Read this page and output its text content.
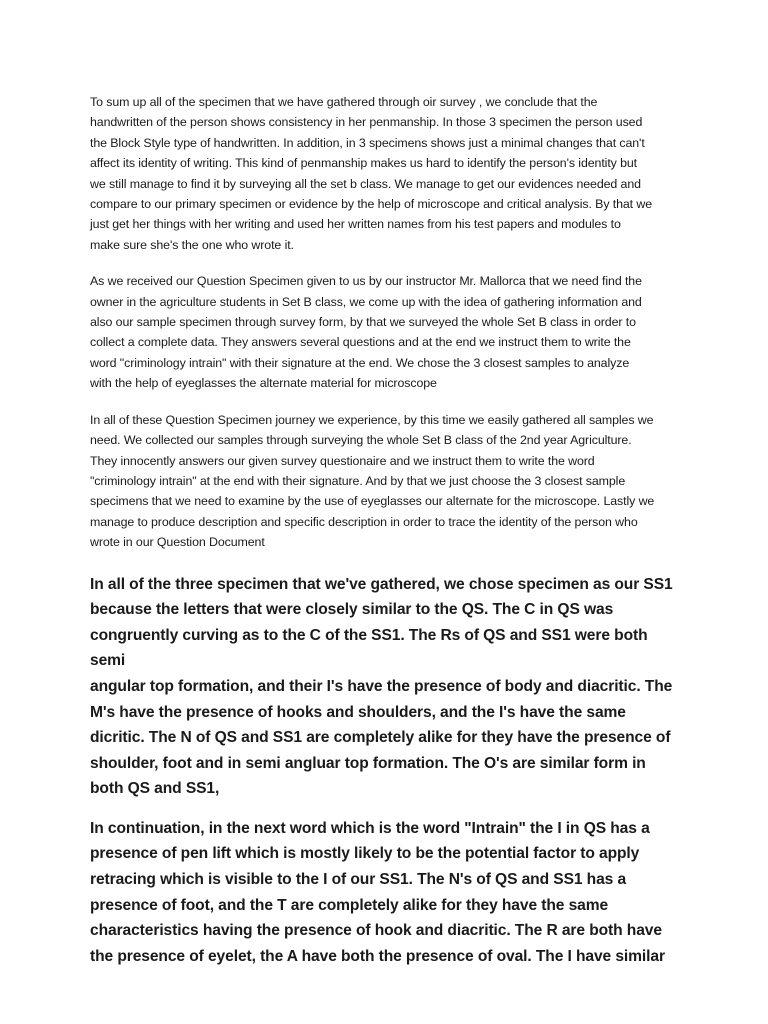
To sum up all of the specimen that we have gathered through oir survey , we conclude that the
handwritten of the person shows consistency in her penmanship. In those 3 specimen the person used
the Block Style type of handwritten. In addition, in 3 specimens shows just a minimal changes that can't
affect its identity of writing. This kind of penmanship makes us hard to identify the person's identity but
we still manage to find it by surveying all the set b class. We manage to get our evidences needed and
compare to our primary specimen or evidence by the help of microscope and critical analysis. By that we
just get her things with her writing and used her written names from his test papers and modules to
make sure she's the one who wrote it.

As we received our Question Specimen given to us by our instructor Mr. Mallorca that we need find the
owner in the agriculture students in Set B class, we come up with the idea of gathering information and
also our sample specimen through survey form, by that we surveyed the whole Set B class in order to
collect a complete data. They answers several questions and at the end we instruct them to write the
word "criminology intrain" with their signature at the end. We chose the 3 closest samples to analyze
with the help of eyeglasses the alternate material for microscope

In all of these Question Specimen journey we experience, by this time we easily gathered all samples we
need. We collected our samples through surveying the whole Set B class of the 2nd year Agriculture.
They innocently answers our given survey questionaire and we instruct them to write the word
"criminology intrain" at the end with their signature. And by that we just choose the 3 closest sample
specimens that we need to examine by the use of eyeglasses our alternate for the microscope. Lastly we
manage to produce description and specific description in order to trace the identity of the person who
wrote in our Question Document

In all of the three specimen that we've gathered, we chose specimen as our SS1
because the letters that were closely similar to the QS. The C in QS was
congruently curving as to the C of the SS1. The Rs of QS and SS1 were both semi
angular top formation, and their I's have the presence of body and diacritic. The
M's have the presence of hooks and shoulders, and the I's have the same
dicritic. The N of QS and SS1 are completely alike for they have the presence of
shoulder, foot and in semi angluar top formation. The O's are similar form in
both QS and SS1,

In continuation, in the next word which is the word "Intrain" the I in QS has a
presence of pen lift which is mostly likely to be the potential factor to apply
retracing which is visible to the I of our SS1. The N's of QS and SS1 has a
presence of foot, and the T are completely alike for they have the same
characteristics having the presence of hook and diacritic. The R are both have
the presence of eyelet, the A have both the presence of oval. The I have similar
